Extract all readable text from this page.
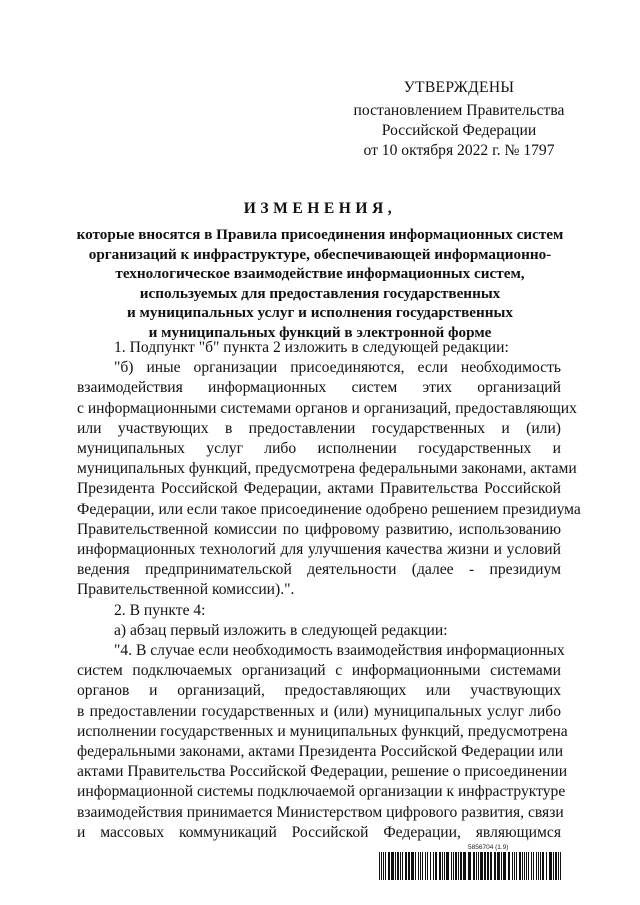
УТВЕРЖДЕНЫ
постановлением Правительства
Российской Федерации
от 10 октября 2022 г. № 1797
ИЗМЕНЕНИЯ,
которые вносятся в Правила присоединения информационных систем
организаций к инфраструктуре, обеспечивающей информационно-
технологическое взаимодействие информационных систем,
используемых для предоставления государственных
и муниципальных услуг и исполнения государственных
и муниципальных функций в электронной форме

1. Подпункт "б" пункта 2 изложить в следующей редакции:

"б) иные организации присоединяются, если необходимость

взаимодействия информационных систем этих организаций

с информационными системами органов и организаций, предоставляющих

или участвующих в предоставлении государственных и (или)

муниципальных услуг либо исполнении государственных и

муниципальных функций, предусмотрена федеральными законами, актами

Президента Российской Федерации, актами Правительства Российской

Федерации, или если такое присоединение одобрено решением президиума

Правительственной комиссии по цифровому развитию, использованию

информационных технологий для улучшения качества жизни и условий

ведения предпринимательской деятельности (далее - президиум

Правительственной комиссии).".

2. В пункте 4:

а) абзац первый изложить в следующей редакции:

"4. В случае если необходимость взаимодействия информационных

систем подключаемых организаций с информационными системами

органов и организаций, предоставляющих или участвующих

в предоставлении государственных и (или) муниципальных услуг либо

исполнении государственных и муниципальных функций, предусмотрена

федеральными законами, актами Президента Российской Федерации или

актами Правительства Российской Федерации, решение о присоединении

информационной системы подключаемой организации к инфраструктуре

взаимодействия принимается Министерством цифрового развития, связи

и массовых коммуникаций Российской Федерации, являющимся

5856704 (1.9)
